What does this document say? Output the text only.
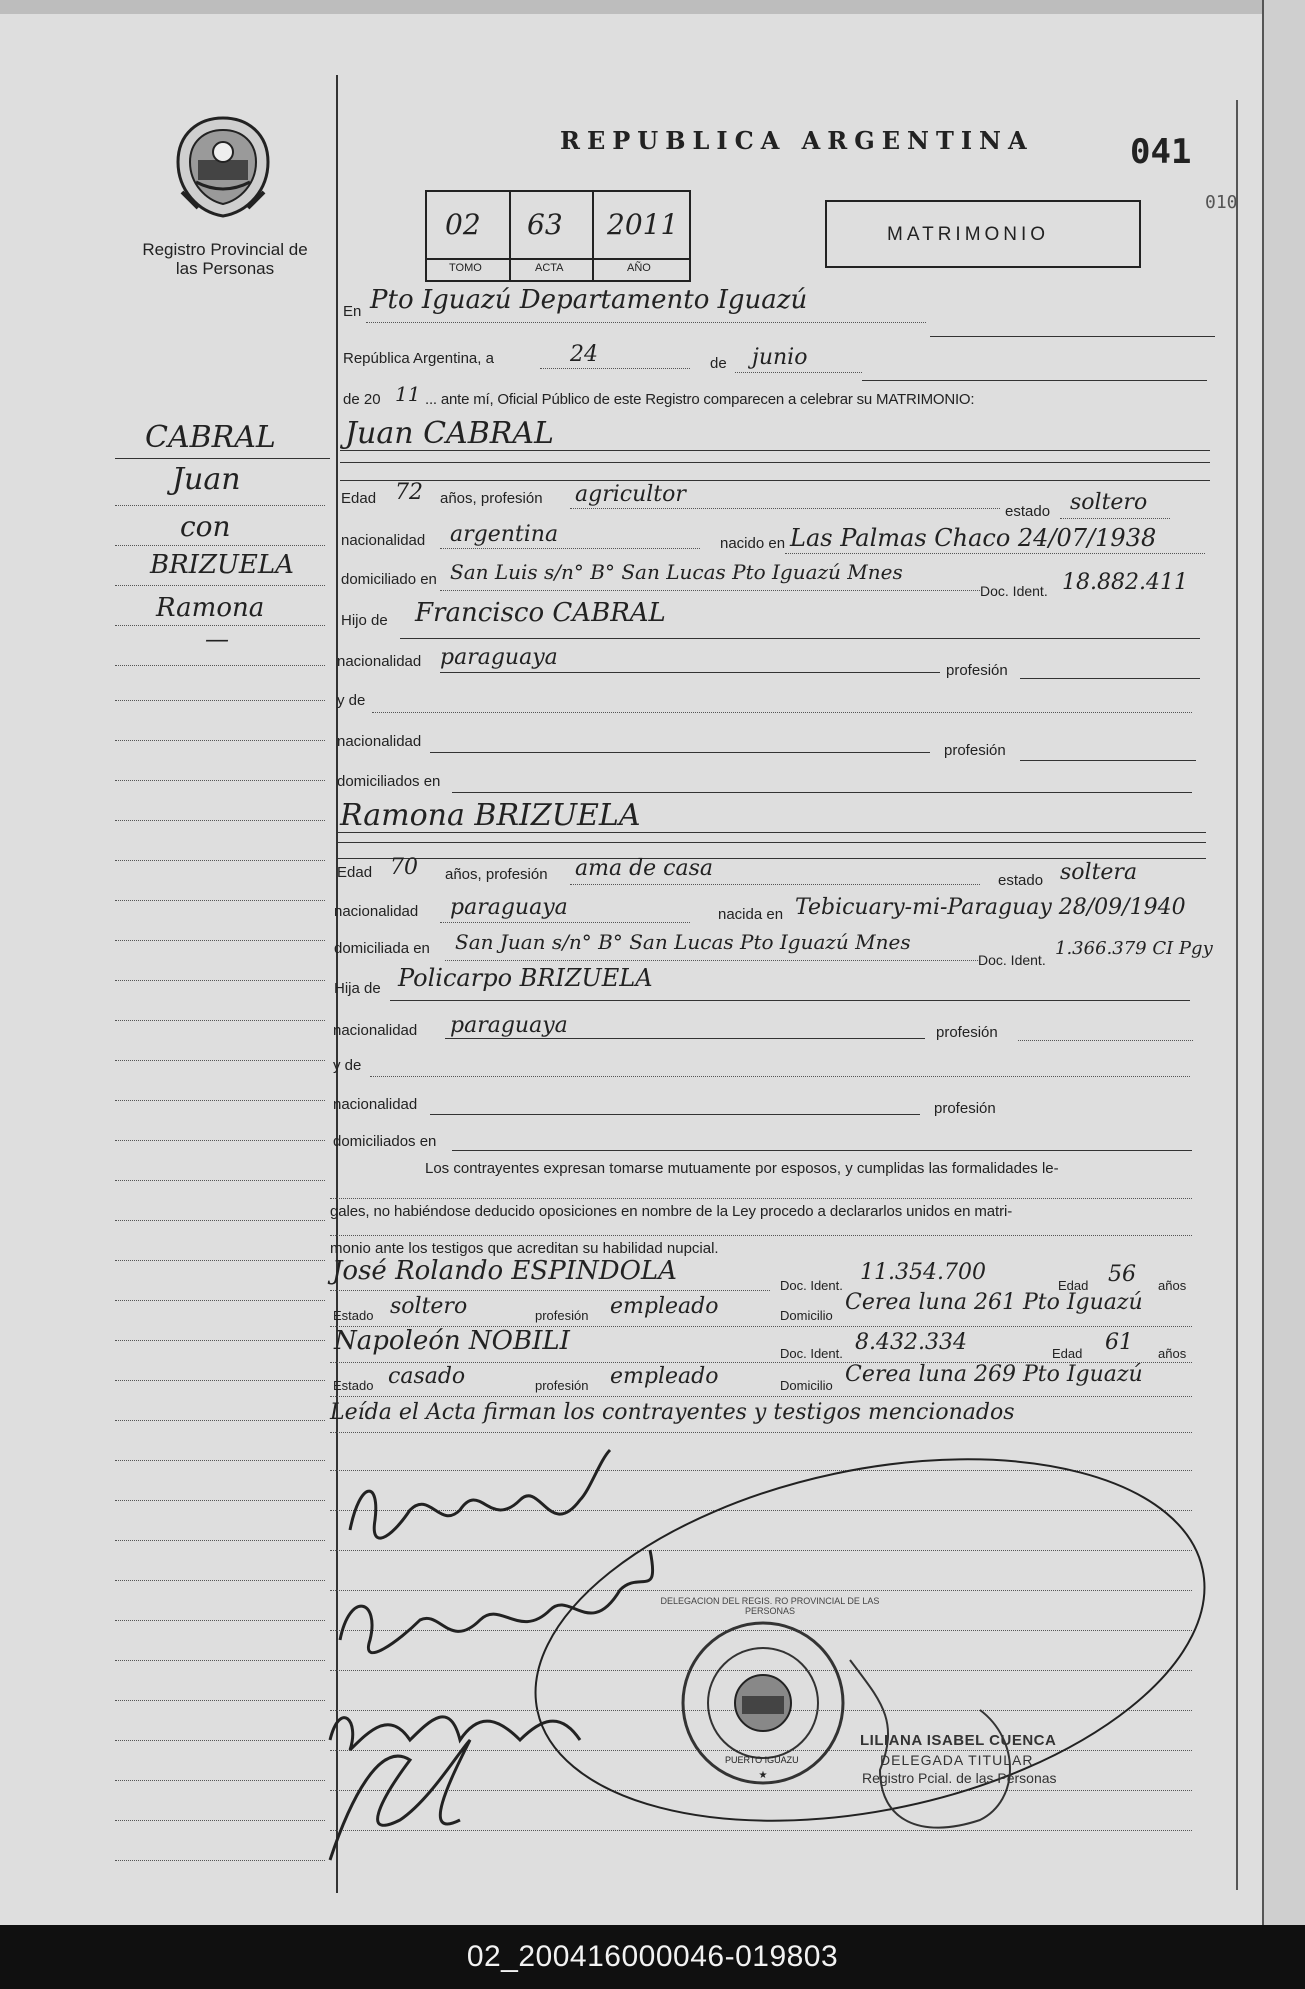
Registro Provincial de las Personas
REPUBLICA ARGENTINA	041
010
02 63 2011
TOMO	ACTA	AÑO
MATRIMONIO
En Pto Iguazú Departamento Iguazú
República Argentina, a	24	de junio
de 20 11 ... ante mí, Oficial Público de este Registro comparecen a celebrar su MATRIMONIO:
CABRAL
Juan
con
BRIZUELA
Ramona
—
Juan CABRAL
Edad 72 años, profesión agricultor
estado soltero
nacionalidad argentina	nacido en Las Palmas Chaco 24/07/1938
domiciliado en San Luis s/n° B° San Lucas Pto Iguazú Mnes
Doc. Ident. 18.882.411
Hijo de Francisco CABRAL
nacionalidad paraguaya
profesión
y de
nacionalidad
profesión
domiciliados en
Ramona BRIZUELA
Edad 70 años, profesión ama de casa	estado soltera
nacionalidad paraguaya	nacida en Tebicuary-mi-Paraguay 28/09/1940
domiciliada en San Juan s/n° B° San Lucas Pto Iguazú Mnes
Doc. Ident.
1.366.379 CI Pgy
Hija de Policarpo BRIZUELA
nacionalidad paraguaya	profesión
y de
nacionalidad	profesión
domiciliados en
Los contrayentes expresan tomarse mutuamente por esposos, y cumplidas las formalidades le-
gales, no habiéndose deducido oposiciones en nombre de la Ley procedo a declararlos unidos en matri-
monio ante los testigos que acreditan su habilidad nupcial.
José Rolando ESPINDOLA	Doc. Ident.
11.354.700
Edad 56 años
Estado soltero	profesión empleado	Domicilio
Cerea luna 261 Pto Iguazú
Napoleón NOBILI	Doc. Ident. 8.432.334	Edad 61 años
Estado casado	profesión empleado	Domicilio Cerea luna 269 Pto Iguazú
Leída el Acta firman los contrayentes y testigos mencionados
★
DELEGACION DEL REGIS. RO PROVINCIAL DE LAS PERSONAS
PUERTO IGUAZU
LILIANA ISABEL CUENCA
DELEGADA TITULAR
Registro Pcial. de las Personas
02_200416000046-019803
